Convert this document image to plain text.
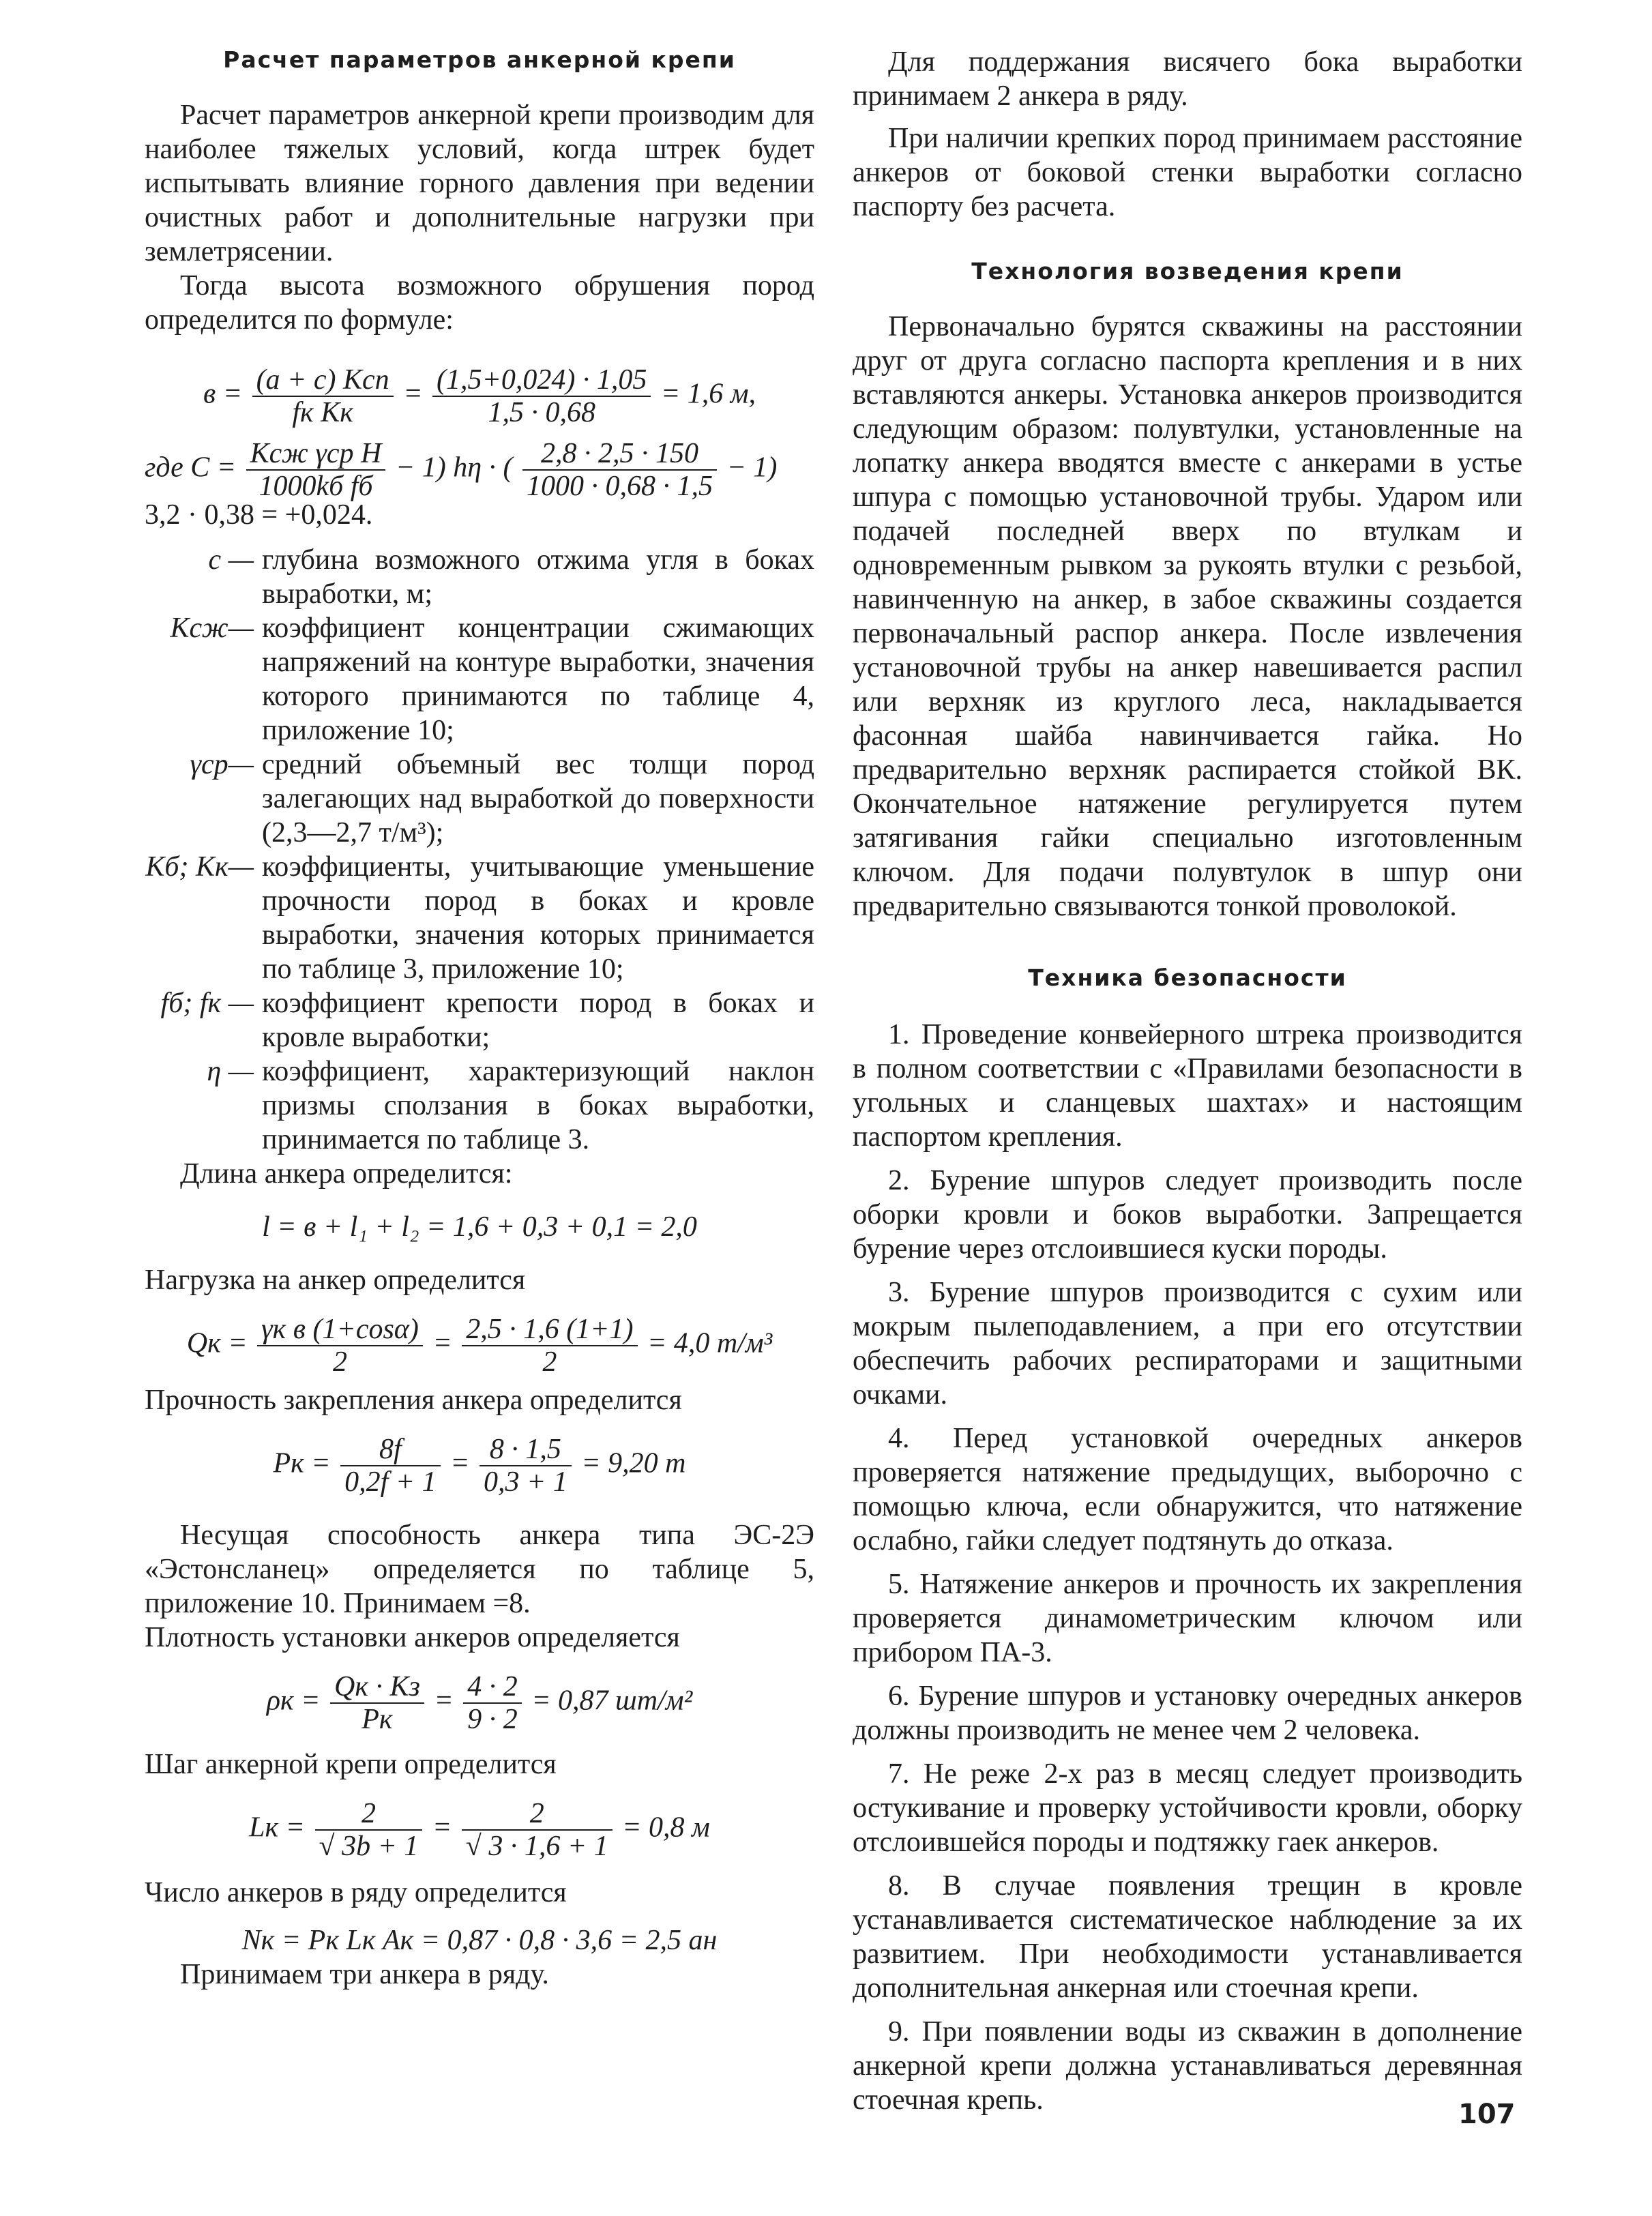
Расчет параметров анкерной крепи

Расчет параметров анкерной крепи производим для наиболее тяжелых условий, когда штрек будет испытывать влияние горного давления при ведении очистных работ и дополнительные нагрузки при землетрясении.

Тогда высота возможного обрушения пород определится по формуле:

$в = \frac{\text{(a + c) Kсп}}{\text{fк Kк}} = \frac{(1,5+0,024) \cdot 1,05}{1,5 \cdot 0,68} = 1,6$ м,
где $C = \frac{\text{Kсж γср H}}{\text{1000kб fб}} - 1$) hη · ( $\frac{2,8 \cdot 2,5 \cdot 150}{1000 \cdot 0,68 \cdot 1,5} - 1$)

3,2 · 0,38 = +0,024.

c — глубина возможного отжима угля в боках выработки, м;
Kсж— коэффициент концентрации сжимающих напряжений на контуре выработки, значения которого принимаются по таблице 4, приложение 10;
γср— средний объемный вес толщи пород залегающих над выработкой до поверхности (2,3—2,7 т/м³);
Kб; Kк— коэффициенты, учитывающие уменьшение прочности пород в боках и кровле выработки, значения которых принимается по таблице 3, приложение 10;
fб; fк — коэффициент крепости пород в боках и кровле выработки;
η — коэффициент, характеризующий наклон призмы сползания в боках выработки, принимается по таблице 3.

Длина анкера определится:

l = в + l₁ + l₂ = 1,6 + 0,3 + 0,1 = 2,0

Нагрузка на анкер определится

Qк = $\frac{\text{γк в (1+cosα)}}{2} = \frac{2,5 \cdot 1,6 (1+1)}{2} = 4,0$ т/м³

Прочность закрепления анкера определится

Pк = $\frac{8f}{0,2f + 1} = \frac{8 \cdot 1,5}{0,3 + 1} = 9,20$ т

Несущая способность анкера типа ЭС-2Э «Эстонсланец» определяется по таблице 5, приложение 10. Принимаем =8.

Плотность установки анкеров определяется

$\rho к = \frac{Qк \cdot Kз}{Pк} = \frac{4 \cdot 2}{9 \cdot 2} = 0,87$ шт/м²

Шаг анкерной крепи определится

Lк = $\frac{2}{√ 3b + 1} = \frac{2}{√ 3 \cdot 1,6 + 1} = 0,8$ м

Число анкеров в ряду определится

Nк = Pк Lк Aк = 0,87 · 0,8 · 3,6 = 2,5 ан

Принимаем три анкера в ряду.

Для поддержания висячего бока выработки принимаем 2 анкера в ряду.

При наличии крепких пород принимаем расстояние анкеров от боковой стенки выработки согласно паспорту без расчета.

Технология возведения крепи

Первоначально бурятся скважины на расстоянии друг от друга согласно паспорта крепления и в них вставляются анкеры. Установка анкеров производится следующим образом: полувтулки, установленные на лопатку анкера вводятся вместе с анкерами в устье шпура с помощью установочной трубы. Ударом или подачей последней вверх по втулкам и одновременным рывком за рукоять втулки с резьбой, навинченную на анкер, в забое скважины создается первоначальный распор анкера. После извлечения установочной трубы на анкер навешивается распил или верхняк из круглого леса, накладывается фасонная шайба навинчивается гайка. Но предварительно верхняк распирается стойкой ВК. Окончательное натяжение регулируется путем затягивания гайки специально изготовленным ключом. Для подачи полувтулок в шпур они предварительно связываются тонкой проволокой.

Техника безопасности
1. Проведение конвейерного штрека производится в полном соответствии с «Правилами безопасности в угольных и сланцевых шахтах» и настоящим паспортом крепления.
2. Бурение шпуров следует производить после оборки кровли и боков выработки. Запрещается бурение через отслоившиеся куски породы.
3. Бурение шпуров производится с сухим или мокрым пылеподавлением, а при его отсутствии обеспечить рабочих респираторами и защитными очками.
4. Перед установкой очередных анкеров проверяется натяжение предыдущих, выборочно с помощью ключа, если обнаружится, что натяжение ослабно, гайки следует подтянуть до отказа.
5. Натяжение анкеров и прочность их закрепления проверяется динамометрическим ключом или прибором ПА-3.
6. Бурение шпуров и установку очередных анкеров должны производить не менее чем 2 человека.
7. Не реже 2-х раз в месяц следует производить остукивание и проверку устойчивости кровли, оборку отслоившейся породы и подтяжку гаек анкеров.
8. В случае появления трещин в кровле устанавливается систематическое наблюдение за их развитием. При необходимости устанавливается дополнительная анкерная или стоечная крепи.
9. При появлении воды из скважин в дополнение анкерной крепи должна устанавливаться деревянная стоечная крепь.	107
